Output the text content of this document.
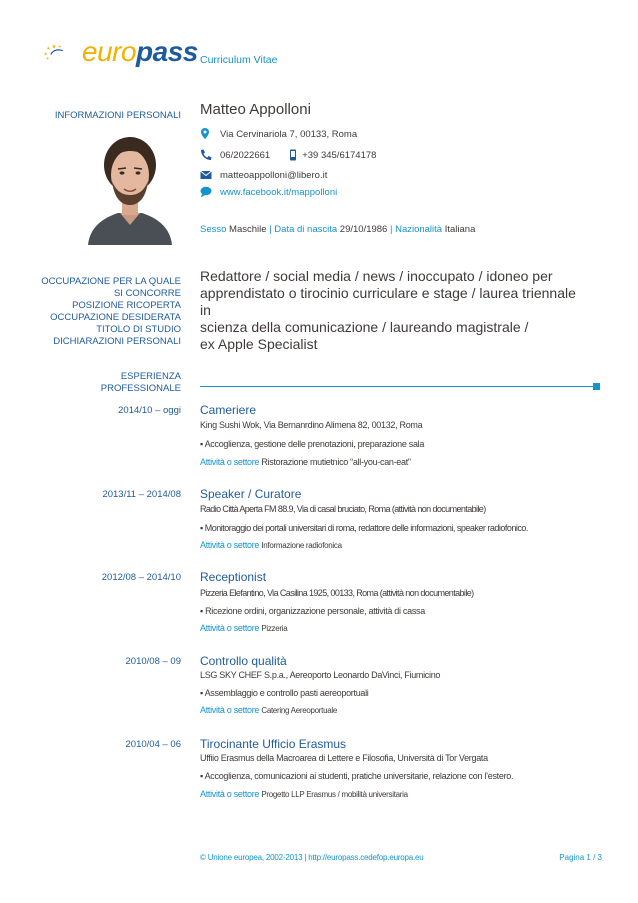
europass Curriculum Vitae
INFORMAZIONI PERSONALI Matteo Appolloni
Via Cervinariola 7, 00133, Roma
06/2022661	+39 345/6174178
matteoappolloni@libero.it
www.facebook.it/mappolloni
Sesso Maschile | Data di nascita 29/10/1986 | Nazionalità Italiana
OCCUPAZIONE PER LA QUALE
SI CONCORRE
POSIZIONE RICOPERTA
OCCUPAZIONE DESIDERATA
TITOLO DI STUDIO
DICHIARAZIONI PERSONALI
Redattore / social media / news / inoccupato / idoneo per
apprendistato o tirocinio curriculare e stage / laurea triennale in
scienza della comunicazione / laureando magistrale /
ex Apple Specialist
ESPERIENZA
PROFESSIONALE
2014/10 – oggi Cameriere
King Sushi Wok, Via Bernanrdino Alimena 82, 00132, Roma
▪ Accoglienza, gestione delle prenotazioni, preparazione sala
Attività o settore Ristorazione mutietnico “all-you-can-eat”
2013/11 – 2014/08 Speaker / Curatore
Radio Città Aperta FM 88.9, Via di casal bruciato, Roma (attività non documentabile)
▪ Monitoraggio dei portali universitari di roma, redattore delle informazioni, speaker radiofonico.
Attività o settore Informazione radiofonica
2012/08 – 2014/10 Receptionist
Pizzeria Elefantino, Via Casilina 1925, 00133, Roma (attività non documentabile)
▪ Ricezione ordini, organizzazione personale, attività di cassa
Attività o settore Pizzeria
2010/08 – 09 Controllo qualità
LSG SKY CHEF S.p.a., Aereoporto Leonardo DaVinci, Fiumicino
▪ Assemblaggio e controllo pasti aereoportuali
Attività o settore Catering Aereoportuale
2010/04 – 06 Tirocinante Ufficio Erasmus
Uffiio Erasmus della Macroarea di Lettere e Filosofia, Università di Tor Vergata
▪ Accoglienza, comunicazioni ai studenti, pratiche universitarie, relazione con l’estero.
Attività o settore Progetto LLP Erasmus / mobilità universitaria
© Unione europea, 2002-2013 | http://europass.cedefop.europa.eu	Pagina 1 / 3
